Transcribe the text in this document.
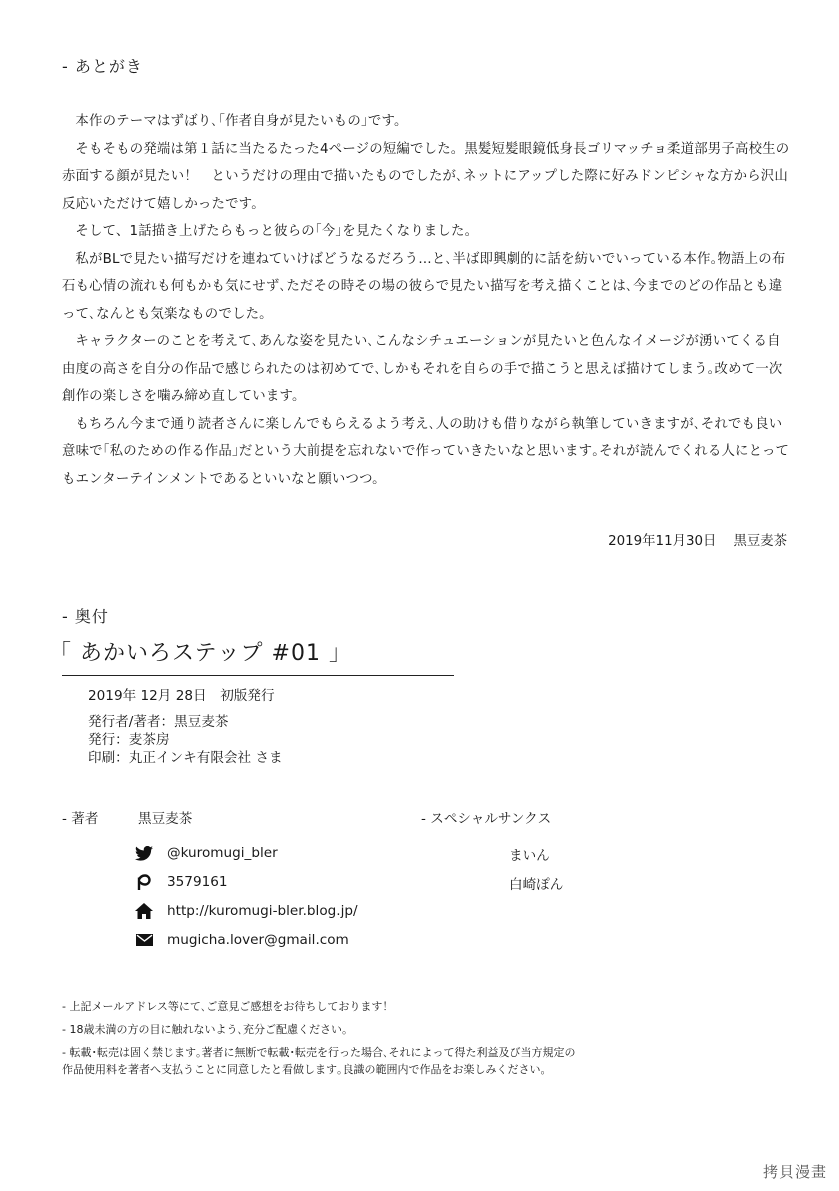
- あとがき

本作のテーマはずばり､｢作者自身が見たいもの｣です。

そもそもの発端は第１話に当たるたった4ページの短編でした。黒髪短髪眼鏡低身長ゴリマッチョ柔道部男子高校生の赤面する顔が見たい！　というだけの理由で描いたものでしたが､ネットにアップした際に好みドンピシャな方から沢山反応いただけて嬉しかったです。

そして、1話描き上げたらもっと彼らの｢今｣を見たくなりました。

私がBLで見たい描写だけを連ねていけばどうなるだろう…と､半ば即興劇的に話を紡いでいっている本作｡物語上の布石も心情の流れも何もかも気にせず､ただその時その場の彼らで見たい描写を考え描くことは､今までのどの作品とも違って､なんとも気楽なものでした。

キャラクターのことを考えて､あんな姿を見たい､こんなシチュエーションが見たいと色んなイメージが湧いてくる自由度の高さを自分の作品で感じられたのは初めてで､しかもそれを自らの手で描こうと思えば描けてしまう｡改めて一次創作の楽しさを噛み締め直しています。

もちろん今まで通り読者さんに楽しんでもらえるよう考え､人の助けも借りながら執筆していきますが､それでも良い意味で｢私のための作る作品｣だという大前提を忘れないで作っていきたいなと思います｡それが読んでくれる人にとってもエンターテインメントであるといいなと願いつつ。

2019年11月30日 黒豆麦茶
- 奥付
｢ あかいろステップ #01 ｣
2019年 12月 28日　初版発行
発行者/著者：黒豆麦茶
発行：麦茶房
印刷：丸正インキ有限会社 さま
- 著者	黒豆麦茶
@kuromugi_bler
3579161
http://kuromugi-bler.blog.jp/
mugicha.lover@gmail.com
- スペシャルサンクス
まいん
白崎ぽん

- 上記メールアドレス等にて､ご意見ご感想をお待ちしております！

- 18歳未満の方の目に触れないよう､充分ご配慮ください。

- 転載･転売は固く禁じます｡著者に無断で転載･転売を行った場合､それによって得た利益及び当方規定の作品使用料を著者へ支払うことに同意したと看做します｡良識の範囲内で作品をお楽しみください。

拷貝漫畫
